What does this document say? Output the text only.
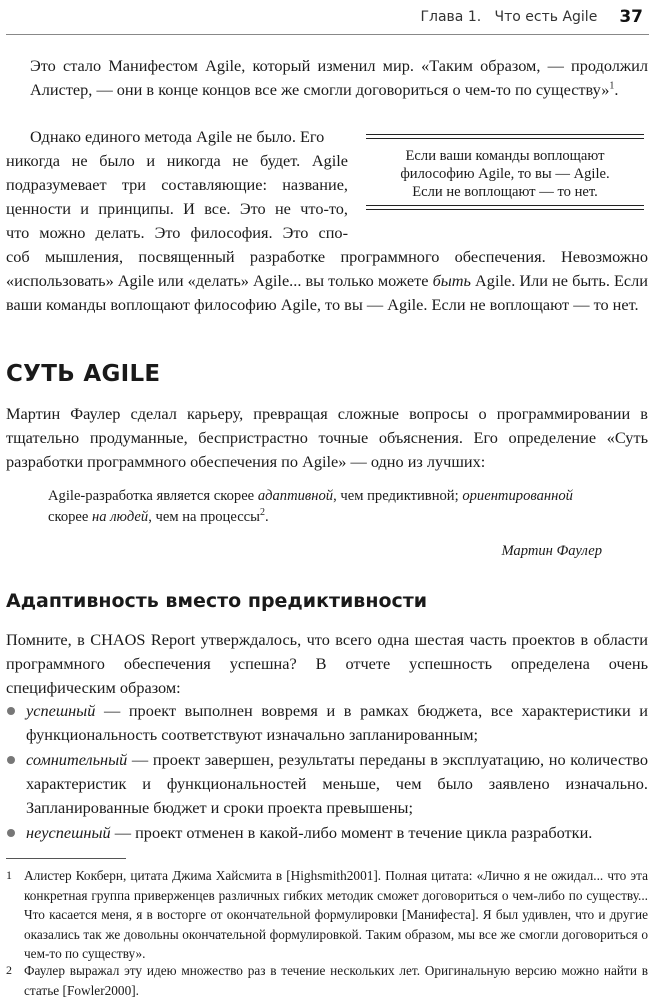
Глава 1.   Что есть Agile 37

Это стало Манифестом Agile, который изменил мир. «Таким образом, — продолжил Алистер, — они в конце концов все же смогли договориться о чем-то по существу»$^1$.

Однако единого метода Agile не было. Его
никогда не было и никогда не будет. Agile
подразумевает три составляющие: название,
ценности и принципы. И все. Это не что-то,
что можно делать. Это философия. Это спо-

соб мышления, посвященный разработке программного обеспечения. Невозможно «использовать» Agile или «делать» Agile... вы только можете быть Agile. Или не быть. Если ваши команды воплощают философию Agile, то вы — Agile. Если не воплощают — то нет.

Если ваши команды воплощают
философию Agile, то вы — Agile.
Если не воплощают — то нет.
СУТЬ AGILE

Мартин Фаулер сделал карьеру, превращая сложные вопросы о программировании в тщательно продуманные, беспристрастно точные объяснения. Его определение «Суть разработки программного обеспечения по Agile» — одно из лучших:

Agile-разработка является скорее адаптивной, чем предиктивной; ориентированной скорее на людей, чем на процессы$^2$.
Мартин Фаулер
Адаптивность вместо предиктивности

Помните, в CHAOS Report утверждалось, что всего одна шестая часть проектов в области программного обеспечения успешна? В отчете успешность определена очень специфическим образом:

успешный — проект выполнен вовремя и в рамках бюджета, все характеристики и функциональность соответствуют изначально запланированным;
сомнительный — проект завершен, результаты переданы в эксплуатацию, но количество характеристик и функциональностей меньше, чем было заявлено изначально. Запланированные бюджет и сроки проекта превышены;
неуспешный — проект отменен в какой-либо момент в течение цикла разработки.
1 Алистер Кокберн, цитата Джима Хайсмита в [Highsmith2001]. Полная цитата: «Лично я не ожидал... что эта конкретная группа приверженцев различных гибких методик сможет договориться о чем-либо по существу... Что касается меня, я в восторге от окончательной формулировки [Манифеста]. Я был удивлен, что и другие оказались так же довольны окончательной формулировкой. Таким образом, мы все же смогли договориться о чем-то по существу».
2 Фаулер выражал эту идею множество раз в течение нескольких лет. Оригинальную версию можно найти в статье [Fowler2000].
